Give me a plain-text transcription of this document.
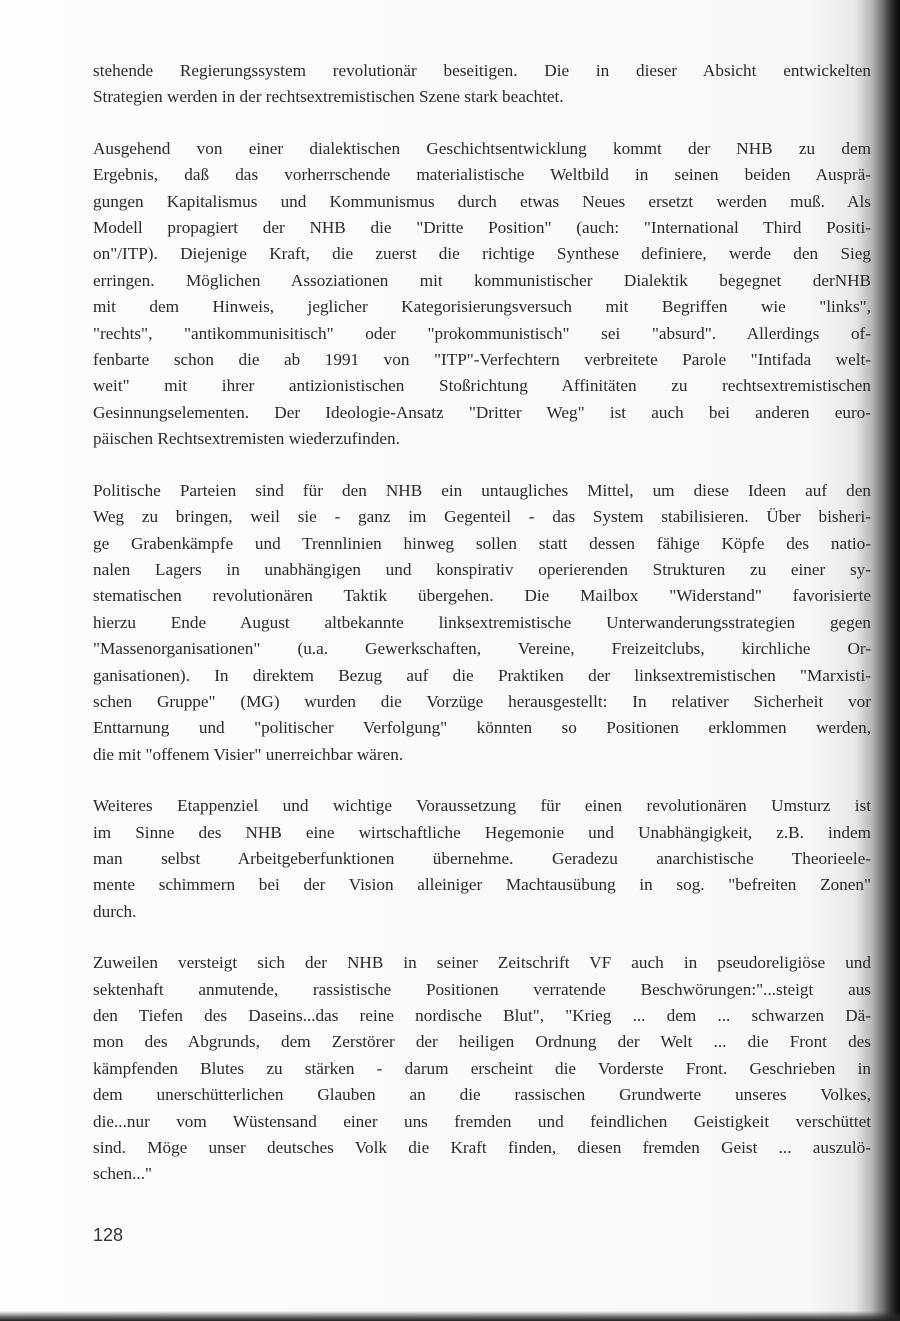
stehende Regierungssystem revolutionär beseitigen. Die in dieser Absicht entwickelten
Strategien werden in der rechtsextremistischen Szene stark beachtet.
Ausgehend von einer dialektischen Geschichtsentwicklung kommt der NHB zu dem
Ergebnis, daß das vorherrschende materialistische Weltbild in seinen beiden Ausprä-
gungen Kapitalismus und Kommunismus durch etwas Neues ersetzt werden muß. Als
Modell propagiert der NHB die "Dritte Position" (auch: "International Third Positi-
on"/ITP). Diejenige Kraft, die zuerst die richtige Synthese definiere, werde den Sieg
erringen. Möglichen Assoziationen mit kommunistischer Dialektik begegnet derNHB
mit dem Hinweis, jeglicher Kategorisierungsversuch mit Begriffen wie "links",
"rechts", "antikommunisitisch" oder "prokommunistisch" sei "absurd". Allerdings of-
fenbarte schon die ab 1991 von "ITP"-Verfechtern verbreitete Parole "Intifada welt-
weit" mit ihrer antizionistischen Stoßrichtung Affinitäten zu rechtsextremistischen
Gesinnungselementen. Der Ideologie-Ansatz "Dritter Weg" ist auch bei anderen euro-
päischen Rechtsextremisten wiederzufinden.
Politische Parteien sind für den NHB ein untaugliches Mittel, um diese Ideen auf den
Weg zu bringen, weil sie - ganz im Gegenteil - das System stabilisieren. Über bisheri-
ge Grabenkämpfe und Trennlinien hinweg sollen statt dessen fähige Köpfe des natio-
nalen Lagers in unabhängigen und konspirativ operierenden Strukturen zu einer sy-
stematischen revolutionären Taktik übergehen. Die Mailbox "Widerstand" favorisierte
hierzu Ende August altbekannte linksextremistische Unterwanderungsstrategien gegen
"Massenorganisationen" (u.a. Gewerkschaften, Vereine, Freizeitclubs, kirchliche Or-
ganisationen). In direktem Bezug auf die Praktiken der linksextremistischen "Marxisti-
schen Gruppe" (MG) wurden die Vorzüge herausgestellt: In relativer Sicherheit vor
Enttarnung und "politischer Verfolgung" könnten so Positionen erklommen werden,
die mit "offenem Visier" unerreichbar wären.
Weiteres Etappenziel und wichtige Voraussetzung für einen revolutionären Umsturz ist
im Sinne des NHB eine wirtschaftliche Hegemonie und Unabhängigkeit, z.B. indem
man selbst Arbeitgeberfunktionen übernehme. Geradezu anarchistische Theorieele-
mente schimmern bei der Vision alleiniger Machtausübung in sog. "befreiten Zonen"
durch.
Zuweilen versteigt sich der NHB in seiner Zeitschrift VF auch in pseudoreligiöse und
sektenhaft anmutende, rassistische Positionen verratende Beschwörungen:"...steigt aus
den Tiefen des Daseins...das reine nordische Blut", "Krieg ... dem ... schwarzen Dä-
mon des Abgrunds, dem Zerstörer der heiligen Ordnung der Welt ... die Front des
kämpfenden Blutes zu stärken - darum erscheint die Vorderste Front. Geschrieben in
dem unerschütterlichen Glauben an die rassischen Grundwerte unseres Volkes,
die...nur vom Wüstensand einer uns fremden und feindlichen Geistigkeit verschüttet
sind. Möge unser deutsches Volk die Kraft finden, diesen fremden Geist ... auszulö-
schen..."
128
